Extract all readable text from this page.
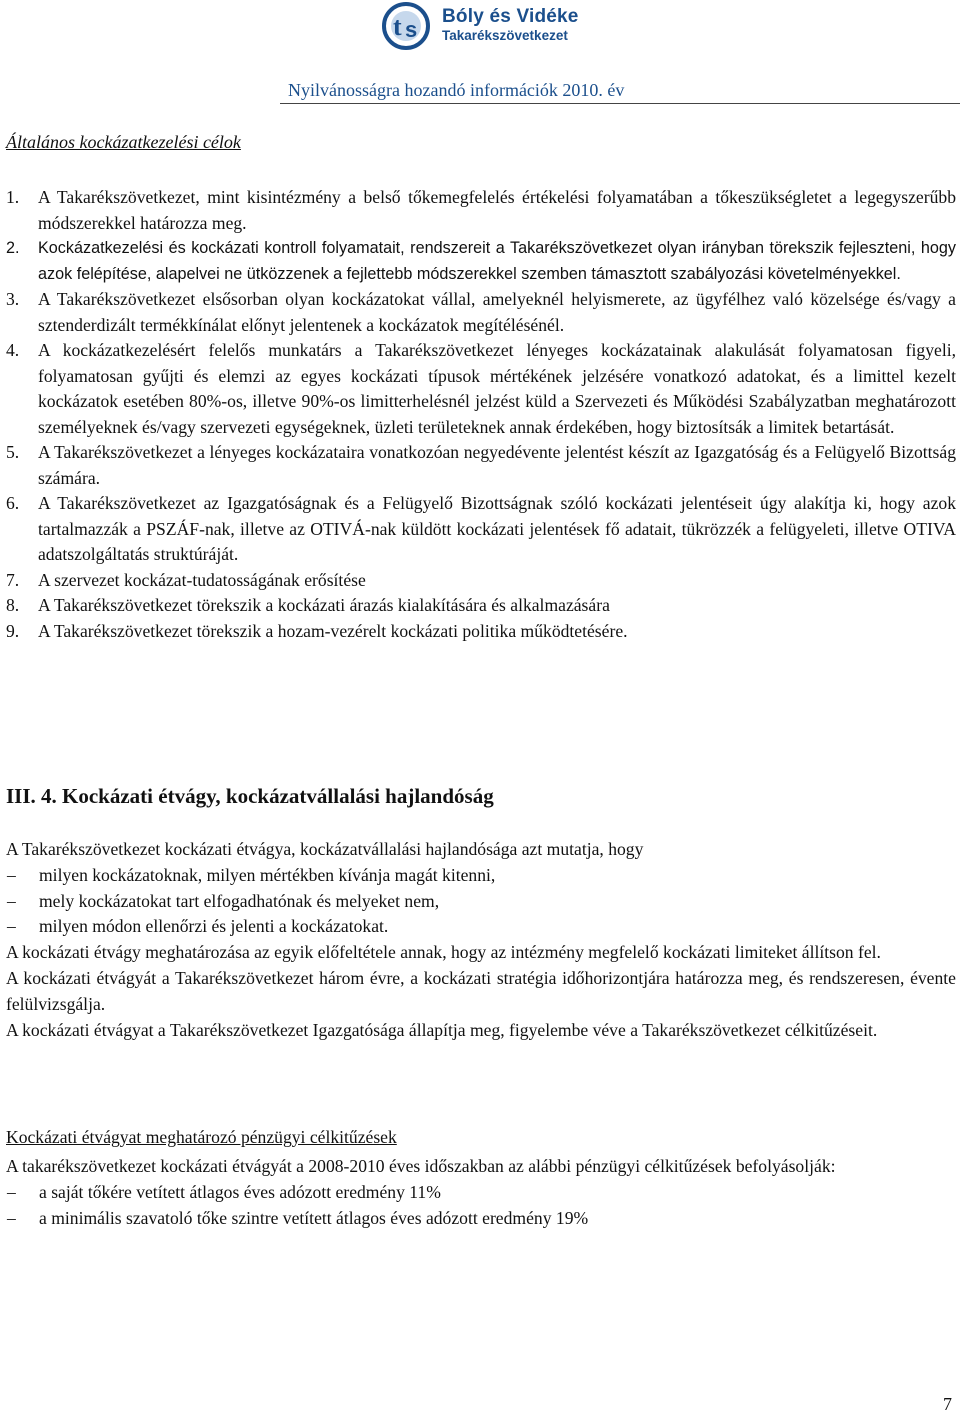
t s
Bóly és Vidéke
Takarékszövetkezet
Nyilvánosságra hozandó információk 2010. év
Általános kockázatkezelési célok
1. A Takarékszövetkezet, mint kisintézmény a belső tőkemegfelelés értékelési folyamatában a tőkeszükségletet a legegyszerűbb módszerekkel határozza meg.
2. Kockázatkezelési és kockázati kontroll folyamatait, rendszereit a Takarékszövetkezet olyan irányban törekszik fejleszteni, hogy azok felépítése, alapelvei ne ütközzenek a fejlettebb módszerekkel szemben támasztott szabályozási követelményekkel.
3. A Takarékszövetkezet elsősorban olyan kockázatokat vállal, amelyeknél helyismerete, az ügyfélhez való közelsége és/vagy a sztenderdizált termékkínálat előnyt jelentenek a kockázatok megítélésénél.
4. A kockázatkezelésért felelős munkatárs a Takarékszövetkezet lényeges kockázatainak alakulását folyamatosan figyeli, folyamatosan gyűjti és elemzi az egyes kockázati típusok mértékének jelzésére vonatkozó adatokat, és a limittel kezelt kockázatok esetében 80%-os, illetve 90%-os limitterhelésnél jelzést küld a Szervezeti és Működési Szabályzatban meghatározott személyeknek és/vagy szervezeti egységeknek, üzleti területeknek annak érdekében, hogy biztosítsák a limitek betartását.
5. A Takarékszövetkezet a lényeges kockázataira vonatkozóan negyedévente jelentést készít az Igazgatóság és a Felügyelő Bizottság számára.
6. A Takarékszövetkezet az Igazgatóságnak és a Felügyelő Bizottságnak szóló kockázati jelentéseit úgy alakítja ki, hogy azok tartalmazzák a PSZÁF-nak, illetve az OTIVÁ-nak küldött kockázati jelentések fő adatait, tükrözzék a felügyeleti, illetve OTIVA adatszolgáltatás struktúráját.
7. A szervezet kockázat-tudatosságának erősítése
8. A Takarékszövetkezet törekszik a kockázati árazás kialakítására és alkalmazására
9. A Takarékszövetkezet törekszik a hozam-vezérelt kockázati politika működtetésére.
III. 4. Kockázati étvágy, kockázatvállalási hajlandóság

A Takarékszövetkezet kockázati étvágya, kockázatvállalási hajlandósága azt mutatja, hogy

– milyen kockázatoknak, milyen mértékben kívánja magát kitenni,
– mely kockázatokat tart elfogadhatónak és melyeket nem,
– milyen módon ellenőrzi és jelenti a kockázatokat.

A kockázati étvágy meghatározása az egyik előfeltétele annak, hogy az intézmény megfelelő kockázati limiteket állítson fel.

A kockázati étvágyát a Takarékszövetkezet három évre, a kockázati stratégia időhorizontjára határozza meg, és rendszeresen, évente felülvizsgálja.

A kockázati étvágyat a Takarékszövetkezet Igazgatósága állapítja meg, figyelembe véve a Takarékszövetkezet célkitűzéseit.

Kockázati étvágyat meghatározó pénzügyi célkitűzések

A takarékszövetkezet kockázati étvágyát a 2008-2010 éves időszakban az alábbi pénzügyi célkitűzések befolyásolják:

– a saját tőkére vetített átlagos éves adózott eredmény 11%
– a minimális szavatoló tőke szintre vetített átlagos éves adózott eredmény 19%
7
